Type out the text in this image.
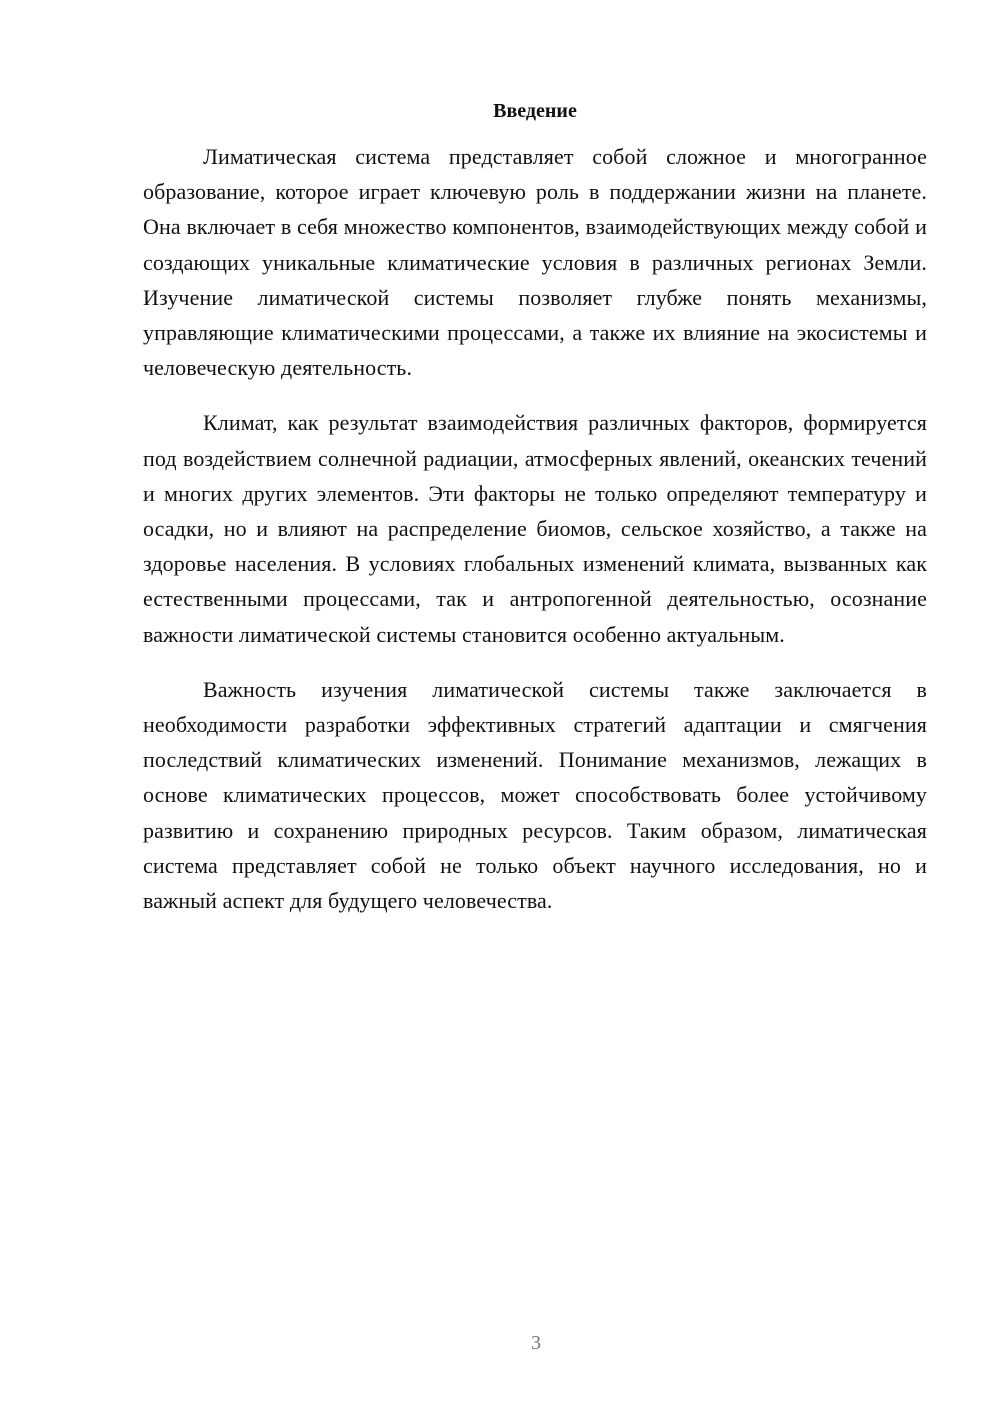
Введение

Лиматическая система представляет собой сложное и многогранное образование, которое играет ключевую роль в поддержании жизни на планете. Она включает в себя множество компонентов, взаимодействующих между собой и создающих уникальные климатические условия в различных регионах Земли. Изучение лиматической системы позволяет глубже понять механизмы, управляющие климатическими процессами, а также их влияние на экосистемы и человеческую деятельность.

Климат, как результат взаимодействия различных факторов, формируется под воздействием солнечной радиации, атмосферных явлений, океанских течений и многих других элементов. Эти факторы не только определяют температуру и осадки, но и влияют на распределение биомов, сельское хозяйство, а также на здоровье населения. В условиях глобальных изменений климата, вызванных как естественными процессами, так и антропогенной деятельностью, осознание важности лиматической системы становится особенно актуальным.

Важность изучения лиматической системы также заключается в необходимости разработки эффективных стратегий адаптации и смягчения последствий климатических изменений. Понимание механизмов, лежащих в основе климатических процессов, может способствовать более устойчивому развитию и сохранению природных ресурсов. Таким образом, лиматическая система представляет собой не только объект научного исследования, но и важный аспект для будущего человечества.

3
